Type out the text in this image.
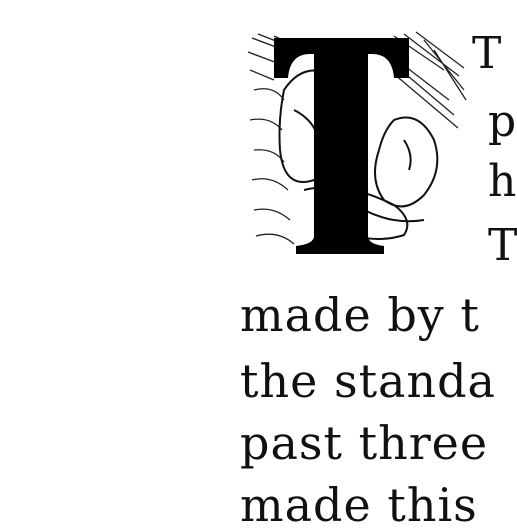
T
p
h
T
made by t
the standa
past three
made this
